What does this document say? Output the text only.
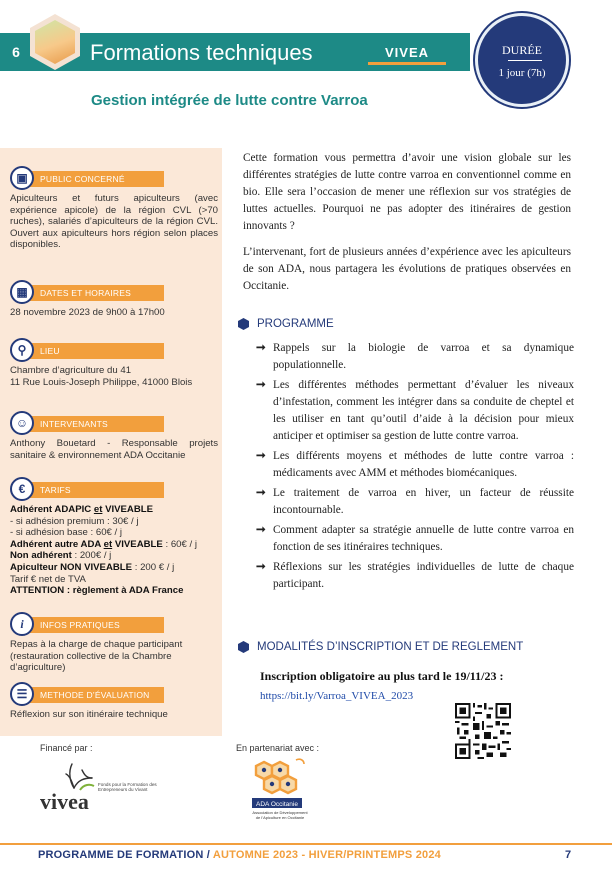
6	Formations techniques	VIVEA	DURÉE
1 jour (7h)
Gestion intégrée de lutte contre Varroa
▣	PUBLIC CONCERNÉ
Apiculteurs et futurs apiculteurs (avec expérience apicole) de la région CVL (>70 ruches), salariés d’apiculteurs de la région CVL. Ouvert aux apiculteurs hors région selon places disponibles.
▦	DATES ET HORAIRES
28 novembre 2023 de 9h00 à 17h00
⚲	LIEU
Chambre d’agriculture du 41
11 Rue Louis-Joseph Philippe, 41000 Blois
☺	INTERVENANTS
Anthony Bouetard - Responsable projets sanitaire & environnement ADA Occitanie
€	TARIFS
Adhérent ADAPIC et VIVEABLE
- si adhésion premium : 30€ / j
- si adhésion base : 60€ / j
Adhérent autre ADA et VIVEABLE : 60€ / j
Non adhérent : 200€ / j
Apiculteur NON VIVEABLE : 200 € / j
Tarif € net de TVA
ATTENTION : règlement à ADA France
i	INFOS PRATIQUES
Repas à la charge de chaque participant (restauration collective de la Chambre d’agriculture)
☰	METHODE D’ÉVALUATION
Réflexion sur son itinéraire technique

Cette formation vous permettra d’avoir une vision globale sur les différentes stratégies de lutte contre varroa en conventionnel comme en bio. Elle sera l’occasion de mener une réflexion sur vos stratégies de luttes actuelles. Pourquoi ne pas adopter des itinéraires de gestion innovants ?

L’intervenant, fort de plusieurs années d’expérience avec les apiculteurs de son ADA, nous partagera les évolutions de pratiques observées en Occitanie.

PROGRAMME
➞ Rappels sur la biologie de varroa et sa dynamique populationnelle.
➞ Les différentes méthodes permettant d’évaluer les niveaux d’infestation, comment les intégrer dans sa conduite de cheptel et les utiliser en tant qu’outil d’aide à la décision pour mieux anticiper et optimiser sa gestion de lutte contre varroa.
➞ Les différents moyens et méthodes de lutte contre varroa : médicaments avec AMM et méthodes biomécaniques.
➞ Le traitement de varroa en hiver, un facteur de réussite incontournable.
➞ Comment adapter sa stratégie annuelle de lutte contre varroa en fonction de ses itinéraires techniques.
➞ Réflexions sur les stratégies individuelles de lutte de chaque participant.
MODALITÉS D’INSCRIPTION ET DE REGLEMENT
Inscription obligatoire au plus tard le 19/11/23 :
https://bit.ly/Varroa_VIVEA_2023
Financé par :	En partenariat avec :
vivea
Fonds pour la Formation des Entrepreneurs du Vivant
ADA Occitanie
Association de Développement de l’Apiculture en Occitanie
PROGRAMME DE FORMATION / AUTOMNE 2023 - HIVER/PRINTEMPS 2024	7
